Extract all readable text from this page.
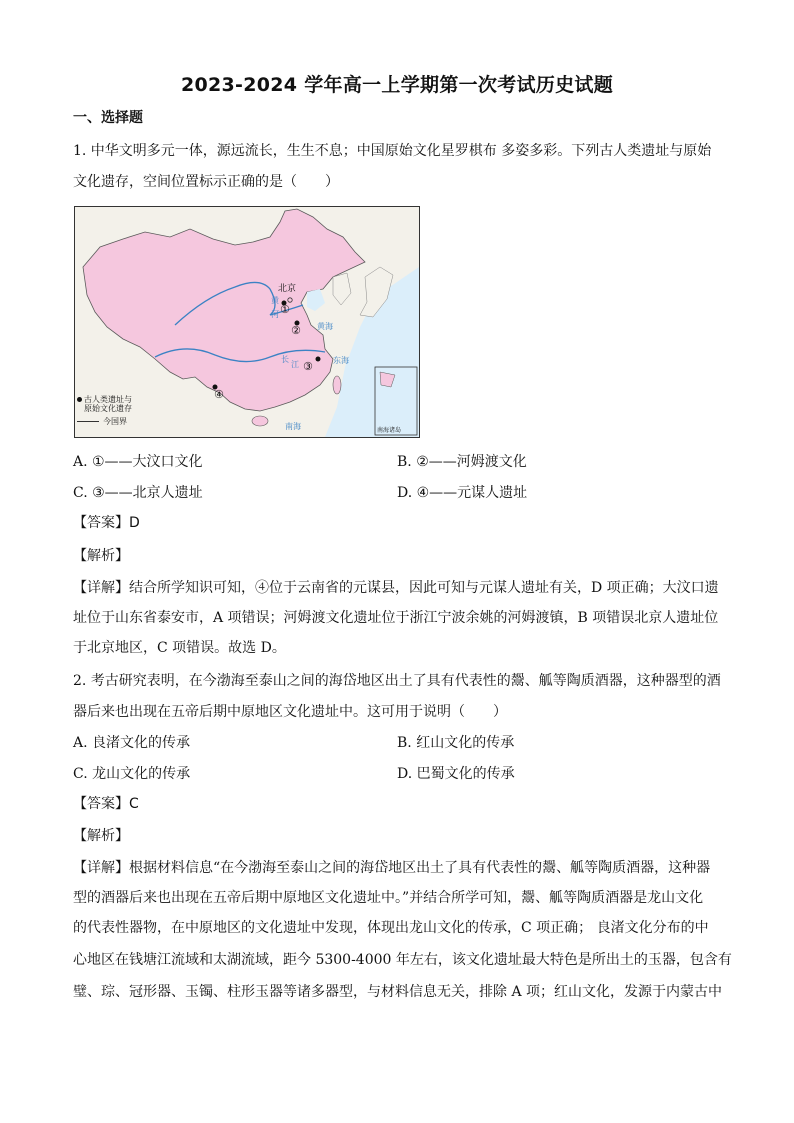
2023-2024 学年高一上学期第一次考试历史试题
一、选择题
1. 中华文明多元一体，源远流长，生生不息；中国原始文化星罗棋布 多姿多彩。下列古人类遗址与原始
文化遗存，空间位置标示正确的是（　　）
北京
①
②
③
④
黄
河
长
江
黄海
东海
南海	南海诸岛
古人类遗址与
原始文化遗存
今国界
A. ①——大汶口文化	B. ②——河姆渡文化
C. ③——北京人遗址	D. ④——元谋人遗址
【答案】D
【解析】
【详解】结合所学知识可知，④位于云南省的元谋县，因此可知与元谋人遗址有关，D 项正确；大汶口遗
址位于山东省泰安市，A 项错误；河姆渡文化遗址位于浙江宁波余姚的河姆渡镇，B 项错误北京人遗址位
于北京地区，C 项错误。故选 D。
2. 考古研究表明，在今渤海至泰山之间的海岱地区出土了具有代表性的鬶、觚等陶质酒器，这种器型的酒
器后来也出现在五帝后期中原地区文化遗址中。这可用于说明（　　）
A. 良渚文化的传承	B. 红山文化的传承
C. 龙山文化的传承	D. 巴蜀文化的传承
【答案】C
【解析】
【详解】根据材料信息“在今渤海至泰山之间的海岱地区出土了具有代表性的鬶、觚等陶质酒器，这种器
型的酒器后来也出现在五帝后期中原地区文化遗址中。”并结合所学可知，鬶、觚等陶质酒器是龙山文化
的代表性器物，在中原地区的文化遗址中发现，体现出龙山文化的传承，C 项正确； 良渚文化分布的中
心地区在钱塘江流域和太湖流域，距今 5300-4000 年左右，该文化遗址最大特色是所出土的玉器，包含有
璧、琮、冠形器、玉镯、柱形玉器等诸多器型，与材料信息无关，排除 A 项；红山文化，发源于内蒙古中
